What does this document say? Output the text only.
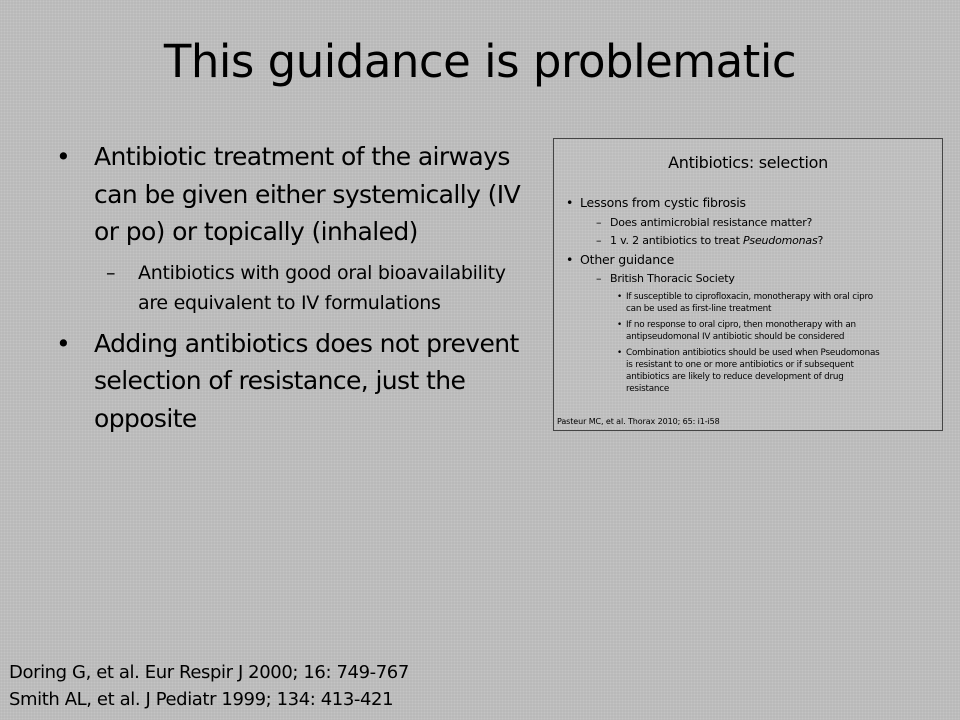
This guidance is problematic
• Antibiotic treatment of the airways can be given either systemically (IV or po) or topically (inhaled)
– Antibiotics with good oral bioavailability are equivalent to IV formulations
• Adding antibiotics does not prevent selection of resistance, just the opposite
Antibiotics: selection
• Lessons from cystic fibrosis
– Does antimicrobial resistance matter?
– 1 v. 2 antibiotics to treat Pseudomonas?
• Other guidance
– British Thoracic Society
• If susceptible to ciprofloxacin, monotherapy with oral cipro
can be used as first-line treatment
• If no response to oral cipro, then monotherapy with an
antipseudomonal IV antibiotic should be considered
• Combination antibiotics should be used when Pseudomonas
is resistant to one or more antibiotics or if subsequent
antibiotics are likely to reduce development of drug
resistance
Pasteur MC, et al. Thorax 2010; 65: i1-i58
Doring G, et al. Eur Respir J 2000; 16: 749-767
Smith AL, et al. J Pediatr 1999; 134: 413-421
